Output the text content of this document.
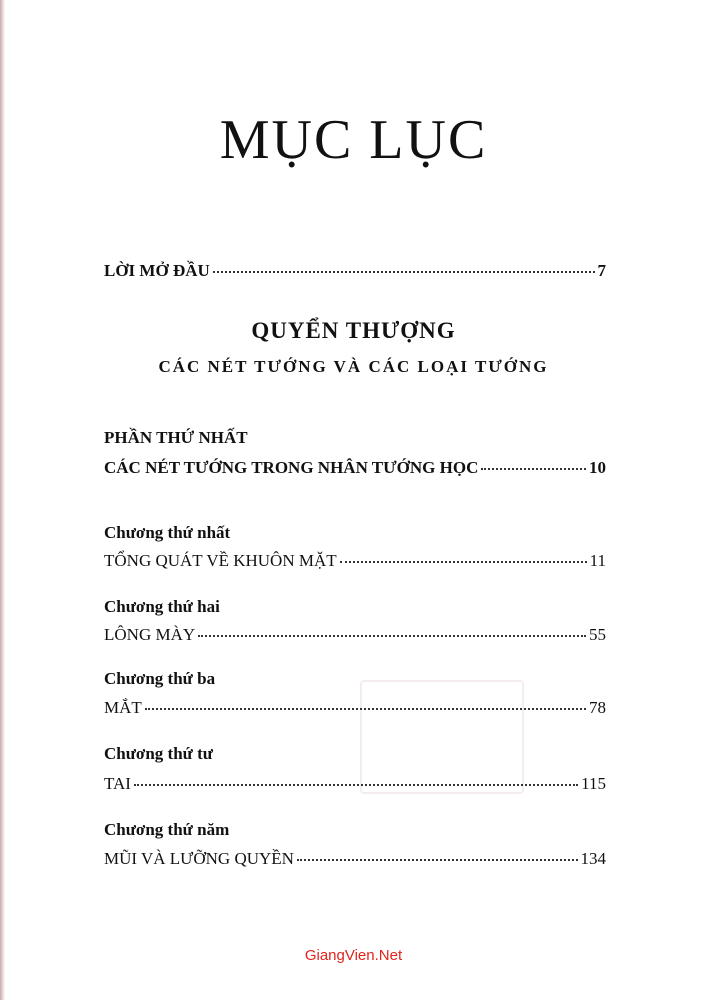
MỤC LỤC
LỜI MỞ ĐẦU	7
QUYỂN THƯỢNG
CÁC NÉT TƯỚNG VÀ CÁC LOẠI TƯỚNG
PHẦN THỨ NHẤT
CÁC NÉT TƯỚNG TRONG NHÂN TƯỚNG HỌC	10
Chương thứ nhất
TỔNG QUÁT VỀ KHUÔN MẶT	11
Chương thứ hai
LÔNG MÀY	55
Chương thứ ba
MẮT	78
Chương thứ tư
TAI	115
Chương thứ năm
MŨI VÀ LƯỠNG QUYỀN	134
GiangVien.Net
